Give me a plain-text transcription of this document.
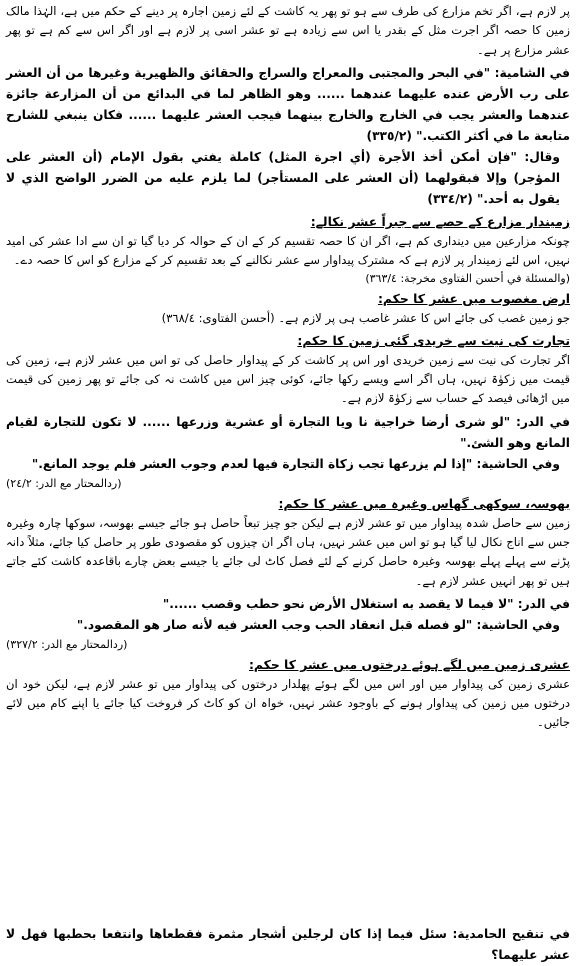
پر لازم ہے، اگر تخم مزارع کی طرف سے ہو تو پھر یہ کاشت کے لئے زمین اجارہ پر دینے کے حکم میں ہے، الہٰذا مالک زمین کا حصہ اگر اجرت مثل کے بقدر یا اس سے زیادہ ہے تو عشر اسی پر لازم ہے اور اگر اس سے کم ہے تو پھر عشر مزارع پر ہے۔

في الشامية: "في البحر والمجتبى والمعراج والسراج والحقائق والظهيرية وغيرها من أن العشر على رب الأرض عنده عليهما عندهما ...... وهو الظاهر لما في البدائع من أن المزارعة جائزة عندهما والعشر يجب في الخارج والخارج بينهما فيجب العشر عليهما ...... فكان ينبغي للشارح متابعة ما في أكثر الكتب." (٣٣٥/٢)

وقال: "فإن أمكن أخذ الأجرة (أي اجرة المثل) كاملة يفتي بقول الإمام (أن العشر على المؤجر) وإلا فبقولهما (أن العشر على المستأجر) لما يلزم عليه من الضرر الواضح الذي لا يقول به أحد." (٣٣٤/٢)

زمیندار مزارع کے حصے سے جبراً عشر نکالے:

چونکہ مزارعین میں دینداری کم ہے، اگر ان کا حصہ تقسیم کر کے ان کے حوالہ کر دیا گیا تو ان سے ادا عشر کی امید نہیں، اس لئے زمیندار پر لازم ہے کہ مشترک پیداوار سے عشر نکالنے کے بعد تقسیم کر کے مزارع کو اس کا حصہ دے۔

(والمسئلة في أحسن الفتاوى مخرجة: ٣٦٣/٤)

ارض مغصوب میں عشر کا حکم:

جو زمین غصب کی جائے اس کا عشر غاصب ہی پر لازم ہے۔ (أحسن الفتاوى: ٣٦٨/٤)

تجارت کی نیت سے خریدی گئی زمین کا حکم:

اگر تجارت کی نیت سے زمین خریدی اور اس پر کاشت کر کے پیداوار حاصل کی تو اس میں عشر لازم ہے، زمین کی قیمت میں زکوٰۃ نہیں، ہاں اگر اسے ویسے رکھا جائے، کوئی چیز اس میں کاشت نہ کی جائے تو پھر زمین کی قیمت میں اڑھائی فیصد کے حساب سے زکوٰۃ لازم ہے۔

في الدر: "لو شرى أرضا خراجية نا ويا التجارة أو عشرية وزرعها ...... لا تكون للتجارة لقيام المانع وهو الشئ."

وفي الحاشية: "إذا لم يزرعها تجب زكاة التجارة فيها لعدم وجوب العشر فلم يوجد المانع."

(ردالمحتار مع الدر: ٢٤/٢)

بھوسہ، سوکھی گھاس وغیرہ میں عشر کا حکم:

زمین سے حاصل شدہ پیداوار میں تو عشر لازم ہے لیکن جو چیز تبعاً حاصل ہو جائے جیسے بھوسہ، سوکھا چارہ وغیرہ جس سے اناج نکال لیا گیا ہو تو اس میں عشر نہیں، ہاں اگر ان چیزوں کو مقصودی طور پر حاصل کیا جائے، مثلاً دانہ پڑنے سے پہلے پہلے بھوسہ وغیرہ حاصل کرنے کے لئے فصل کاٹ لی جائے یا جیسے بعض چارے باقاعدہ کاشت کئے جاتے ہیں تو پھر انہیں عشر لازم ہے۔

في الدر: "لا فيما لا يقصد به استغلال الأرض نحو حطب وقصب ......"

وفي الحاشية: "لو فصله قبل انعقاد الحب وجب العشر فيه لأنه صار هو المقصود."

(ردالمحتار مع الدر: ٣٢٧/٢)

عشری زمین میں لگے ہوئے درختوں میں عشر کا حکم:

عشری زمین کی پیداوار میں اور اس میں لگے ہوئے پھلدار درختوں کی پیداوار میں تو عشر لازم ہے، لیکن خود ان درختوں میں زمین کی پیداوار ہونے کے باوجود عشر نہیں، خواہ ان کو کاٹ کر فروخت کیا جائے یا اپنے کام میں لائے جائیں۔

في تنقيح الحامدية: سئل فيما إذا كان لرجلين أشجار مثمرة فقطعاها وانتفعا بحطبها فهل لا عشر عليهما؟
